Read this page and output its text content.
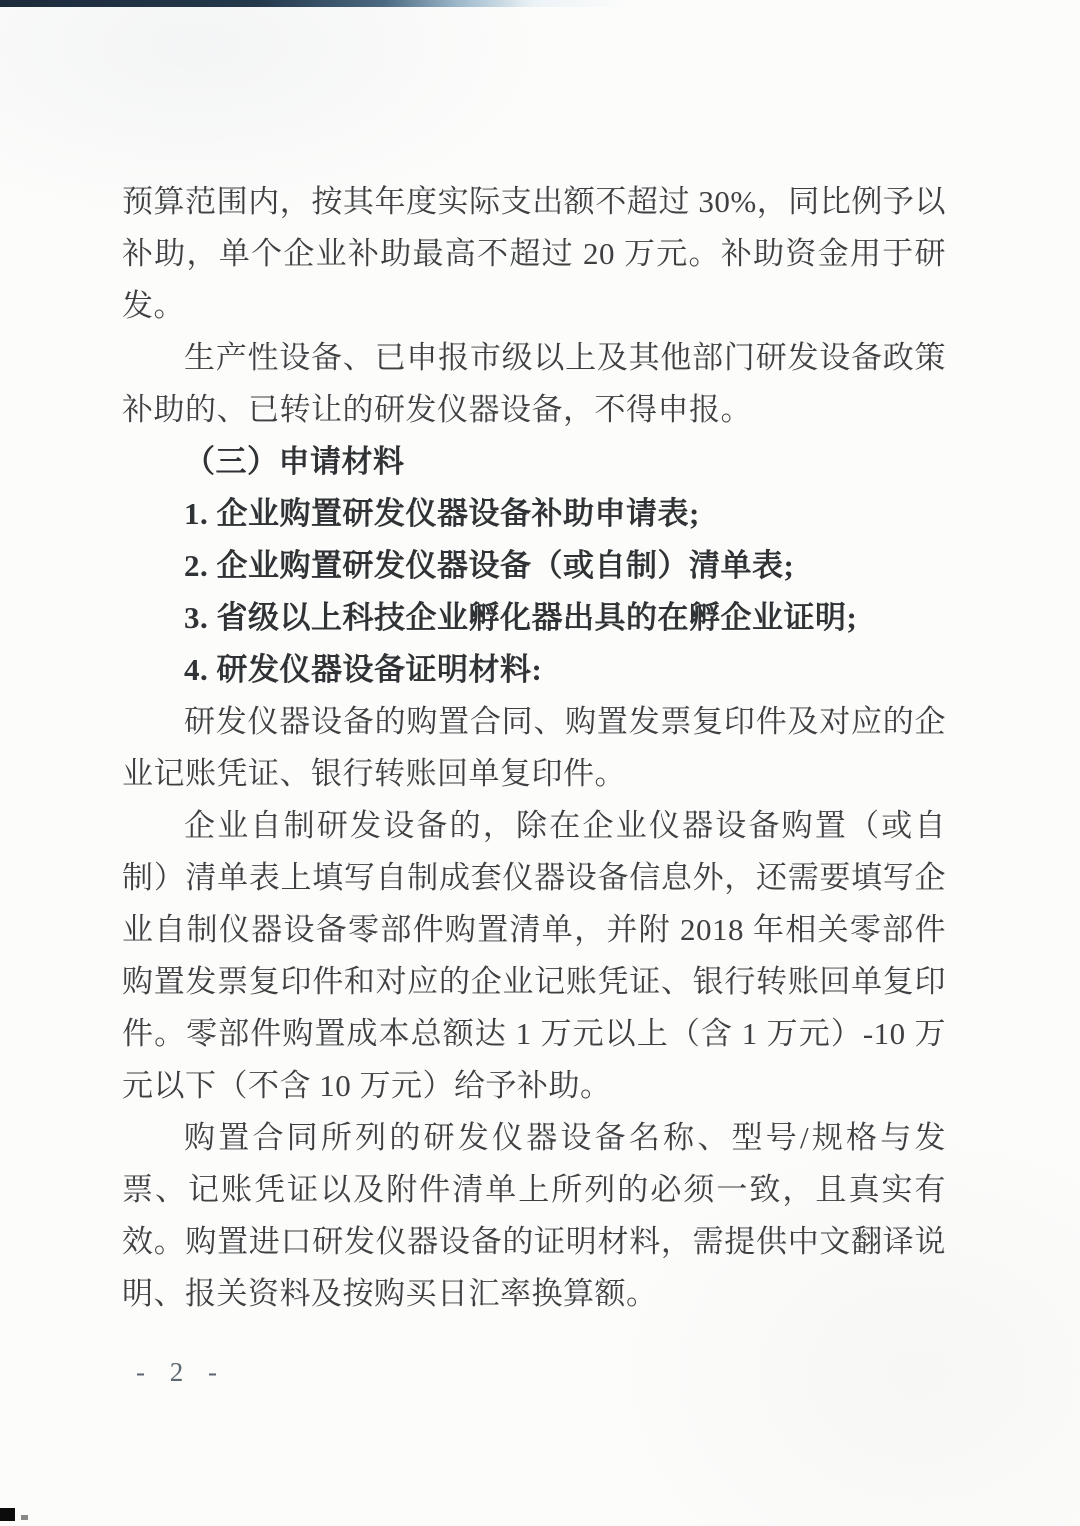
预算范围内，按其年度实际支出额不超过 30%，同比例予以补助，单个企业补助最高不超过 20 万元。补助资金用于研发。

生产性设备、已申报市级以上及其他部门研发设备政策补助的、已转让的研发仪器设备，不得申报。

（三）申请材料

1. 企业购置研发仪器设备补助申请表;

2. 企业购置研发仪器设备（或自制）清单表;

3. 省级以上科技企业孵化器出具的在孵企业证明;

4. 研发仪器设备证明材料:

研发仪器设备的购置合同、购置发票复印件及对应的企业记账凭证、银行转账回单复印件。

企业自制研发设备的，除在企业仪器设备购置（或自制）清单表上填写自制成套仪器设备信息外，还需要填写企业自制仪器设备零部件购置清单，并附 2018 年相关零部件购置发票复印件和对应的企业记账凭证、银行转账回单复印件。零部件购置成本总额达 1 万元以上（含 1 万元）-10 万元以下（不含 10 万元）给予补助。

购置合同所列的研发仪器设备名称、型号/规格与发票、记账凭证以及附件清单上所列的必须一致，且真实有效。购置进口研发仪器设备的证明材料，需提供中文翻译说明、报关资料及按购买日汇率换算额。

- 2 -
